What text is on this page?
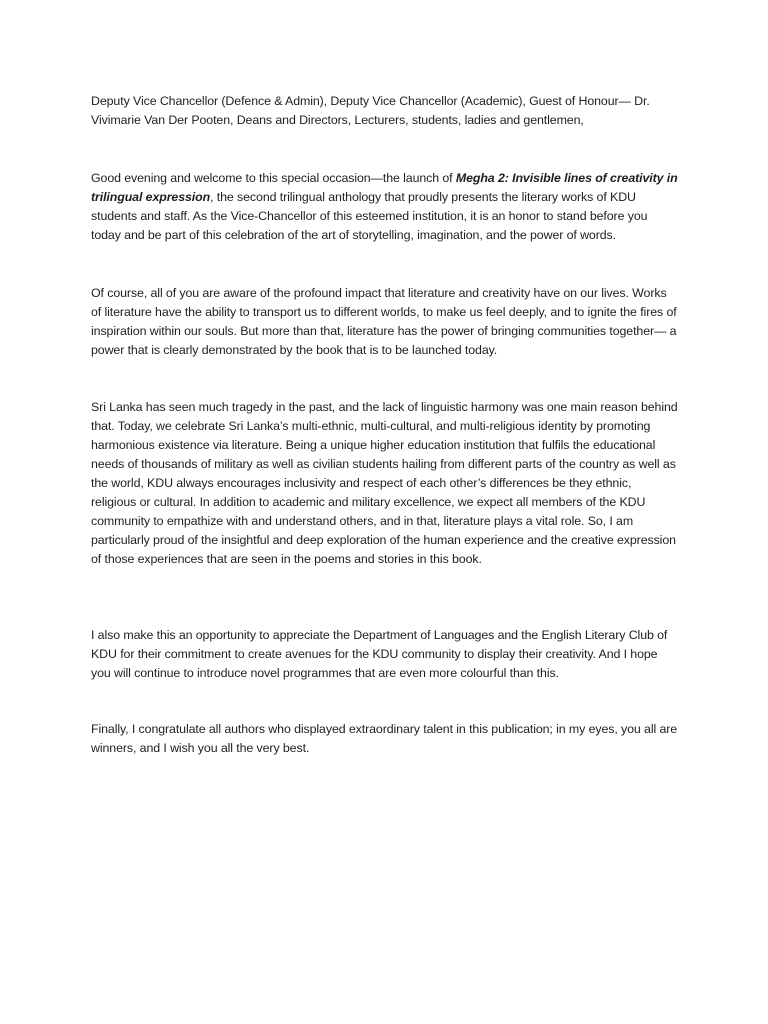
Deputy Vice Chancellor (Defence & Admin), Deputy Vice Chancellor (Academic), Guest of Honour— Dr. Vivimarie Van Der Pooten, Deans and Directors, Lecturers, students, ladies and gentlemen,

Good evening and welcome to this special occasion—the launch of Megha 2: Invisible lines of creativity in trilingual expression, the second trilingual anthology that proudly presents the literary works of KDU students and staff. As the Vice-Chancellor of this esteemed institution, it is an honor to stand before you today and be part of this celebration of the art of storytelling, imagination, and the power of words.

Of course, all of you are aware of the profound impact that literature and creativity have on our lives. Works of literature have the ability to transport us to different worlds, to make us feel deeply, and to ignite the fires of inspiration within our souls. But more than that, literature has the power of bringing communities together— a power that is clearly demonstrated by the book that is to be launched today.

Sri Lanka has seen much tragedy in the past, and the lack of linguistic harmony was one main reason behind that. Today, we celebrate Sri Lanka’s multi-ethnic, multi-cultural, and multi-religious identity by promoting harmonious existence via literature. Being a unique higher education institution that fulfils the educational needs of thousands of military as well as civilian students hailing from different parts of the country as well as the world, KDU always encourages inclusivity and respect of each other’s differences be they ethnic, religious or cultural. In addition to academic and military excellence, we expect all members of the KDU community to empathize with and understand others, and in that, literature plays a vital role. So, I am particularly proud of the insightful and deep exploration of the human experience and the creative expression of those experiences that are seen in the poems and stories in this book.

I also make this an opportunity to appreciate the Department of Languages and the English Literary Club of KDU for their commitment to create avenues for the KDU community to display their creativity. And I hope you will continue to introduce novel programmes that are even more colourful than this.

Finally, I congratulate all authors who displayed extraordinary talent in this publication; in my eyes, you all are winners, and I wish you all the very best.
